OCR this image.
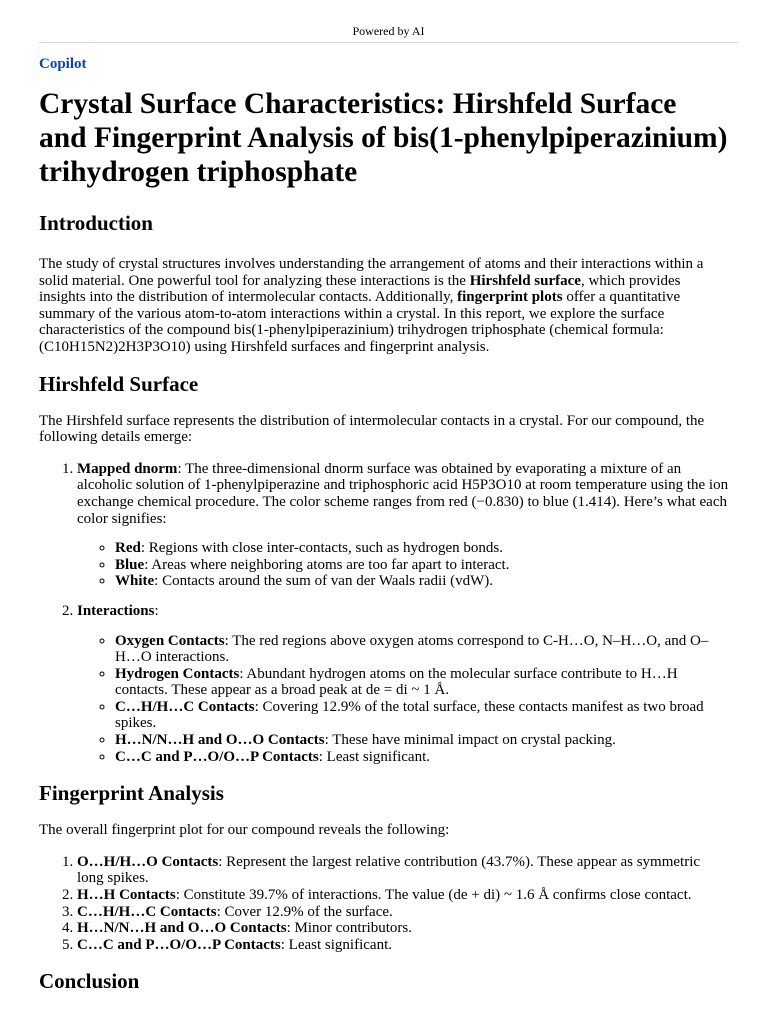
Powered by AI
Copilot
Crystal Surface Characteristics: Hirshfeld Surface and Fingerprint Analysis of bis(1-phenylpiperazinium) trihydrogen triphosphate
Introduction

The study of crystal structures involves understanding the arrangement of atoms and their interactions within a solid material. One powerful tool for analyzing these interactions is the Hirshfeld surface, which provides insights into the distribution of intermolecular contacts. Additionally, fingerprint plots offer a quantitative summary of the various atom-to-atom interactions within a crystal. In this report, we explore the surface characteristics of the compound bis(1-phenylpiperazinium) trihydrogen triphosphate (chemical formula: (C10H15N2)2H3P3O10) using Hirshfeld surfaces and fingerprint analysis.

Hirshfeld Surface

The Hirshfeld surface represents the distribution of intermolecular contacts in a crystal. For our compound, the following details emerge:

1. Mapped dnorm: The three-dimensional dnorm surface was obtained by evaporating a mixture of an alcoholic solution of 1-phenylpiperazine and triphosphoric acid H5P3O10 at room temperature using the ion exchange chemical procedure. The color scheme ranges from red (−0.830) to blue (1.414). Here’s what each color signifies:
◦ Red: Regions with close inter-contacts, such as hydrogen bonds.
◦ Blue: Areas where neighboring atoms are too far apart to interact.
◦ White: Contacts around the sum of van der Waals radii (vdW).
2. Interactions:
◦ Oxygen Contacts: The red regions above oxygen atoms correspond to C-H…O, N–H…O, and O–H…O interactions.
◦ Hydrogen Contacts: Abundant hydrogen atoms on the molecular surface contribute to H…H contacts. These appear as a broad peak at de = di ~ 1 Å.
◦ C…H/H…C Contacts: Covering 12.9% of the total surface, these contacts manifest as two broad spikes.
◦ H…N/N…H and O…O Contacts: These have minimal impact on crystal packing.
◦ C…C and P…O/O…P Contacts: Least significant.
Fingerprint Analysis

The overall fingerprint plot for our compound reveals the following:

1. O…H/H…O Contacts: Represent the largest relative contribution (43.7%). These appear as symmetric long spikes.
2. H…H Contacts: Constitute 39.7% of interactions. The value (de + di) ~ 1.6 Å confirms close contact.
3. C…H/H…C Contacts: Cover 12.9% of the surface.
4. H…N/N…H and O…O Contacts: Minor contributors.
5. C…C and P…O/O…P Contacts: Least significant.
Conclusion
